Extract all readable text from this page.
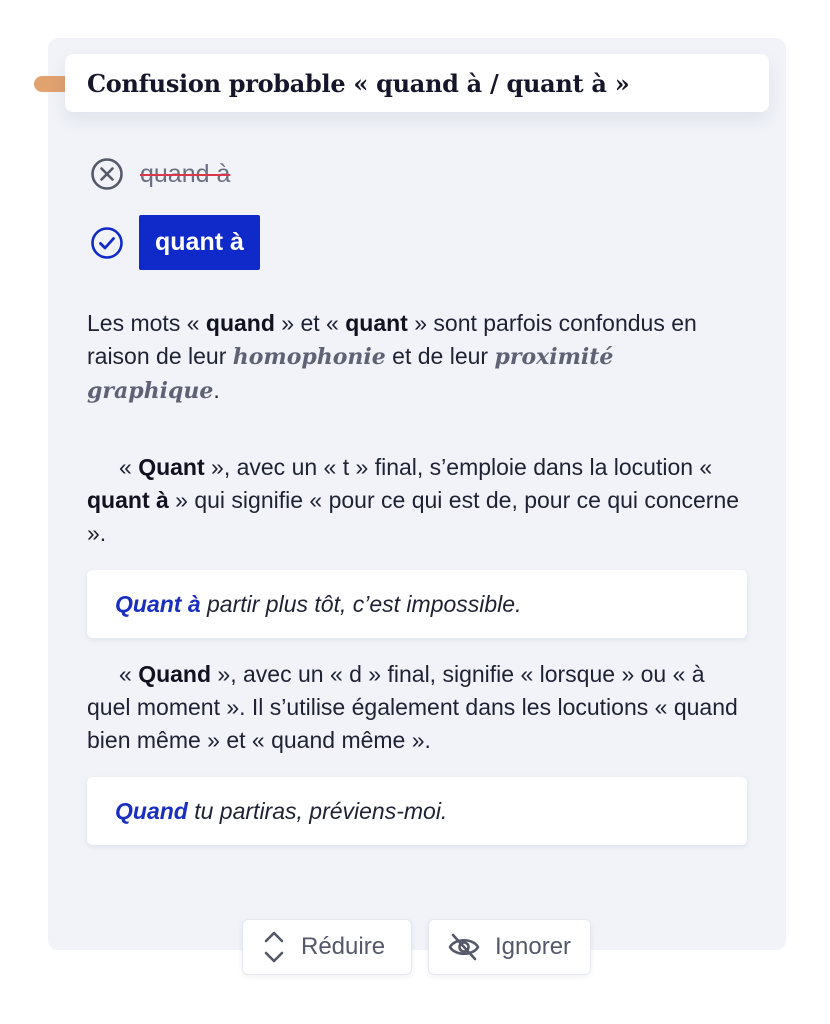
Confusion probable « quand à / quant à »
quand à
quant à
Les mots « quand » et « quant » sont parfois confondus en raison de leur homophonie et de leur proximité graphique.
« Quant », avec un « t » final, s’emploie dans la locution « quant à » qui signifie « pour ce qui est de, pour ce qui concerne ».
Quant à partir plus tôt, c’est impossible.
« Quand », avec un « d » final, signifie « lorsque » ou « à quel moment ». Il s’utilise également dans les locutions « quand bien même » et « quand même ».
Quand tu partiras, préviens-moi.
Réduire	Ignorer
